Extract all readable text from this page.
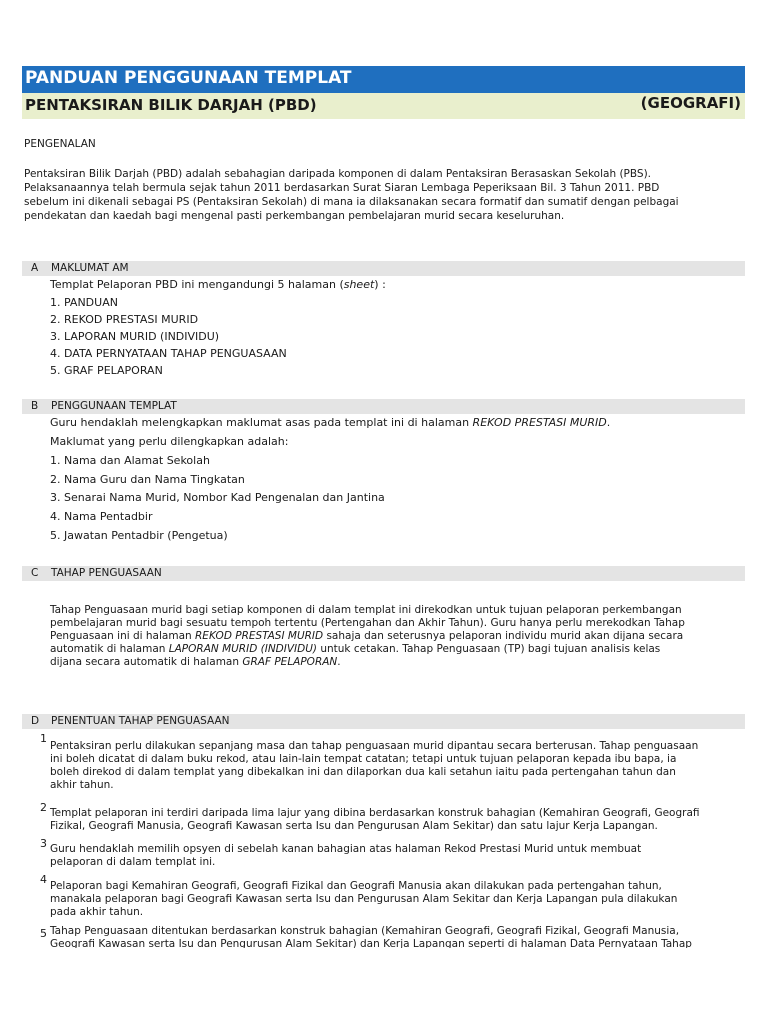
PANDUAN PENGGUNAAN TEMPLAT
PENTAKSIRAN BILIK DARJAH (PBD)	(GEOGRAFI)
PENGENALAN
Pentaksiran Bilik Darjah (PBD) adalah sebahagian daripada komponen di dalam Pentaksiran Berasaskan Sekolah (PBS).
Pelaksanaannya telah bermula sejak tahun 2011 berdasarkan Surat Siaran Lembaga Peperiksaan Bil. 3 Tahun 2011. PBD
sebelum ini dikenali sebagai PS (Pentaksiran Sekolah) di mana ia dilaksanakan secara formatif dan sumatif dengan pelbagai
pendekatan dan kaedah bagi mengenal pasti perkembangan pembelajaran murid secara keseluruhan.
A MAKLUMAT AM
Templat Pelaporan PBD ini mengandungi 5 halaman (sheet) :
1. PANDUAN
2. REKOD PRESTASI MURID
3. LAPORAN MURID (INDIVIDU)
4. DATA PERNYATAAN TAHAP PENGUASAAN
5. GRAF PELAPORAN
B PENGGUNAAN TEMPLAT
Guru hendaklah melengkapkan maklumat asas pada templat ini di halaman REKOD PRESTASI MURID.
Maklumat yang perlu dilengkapkan adalah:
1. Nama dan Alamat Sekolah
2. Nama Guru dan Nama Tingkatan
3. Senarai Nama Murid, Nombor Kad Pengenalan dan Jantina
4. Nama Pentadbir
5. Jawatan Pentadbir (Pengetua)
C TAHAP PENGUASAAN
Tahap Penguasaan murid bagi setiap komponen di dalam templat ini direkodkan untuk tujuan pelaporan perkembangan
pembelajaran murid bagi sesuatu tempoh tertentu (Pertengahan dan Akhir Tahun). Guru hanya perlu merekodkan Tahap
Penguasaan ini di halaman REKOD PRESTASI MURID sahaja dan seterusnya pelaporan individu murid akan dijana secara
automatik di halaman LAPORAN MURID (INDIVIDU) untuk cetakan. Tahap Penguasaan (TP) bagi tujuan analisis kelas
dijana secara automatik di halaman GRAF PELAPORAN.
D PENENTUAN TAHAP PENGUASAAN
1
Pentaksiran perlu dilakukan sepanjang masa dan tahap penguasaan murid dipantau secara berterusan. Tahap penguasaan
ini boleh dicatat di dalam buku rekod, atau lain-lain tempat catatan; tetapi untuk tujuan pelaporan kepada ibu bapa, ia
boleh direkod di dalam templat yang dibekalkan ini dan dilaporkan dua kali setahun iaitu pada pertengahan tahun dan
akhir tahun.
2 Templat pelaporan ini terdiri daripada lima lajur yang dibina berdasarkan konstruk bahagian (Kemahiran Geografi, Geografi
Fizikal, Geografi Manusia, Geografi Kawasan serta Isu dan Pengurusan Alam Sekitar) dan satu lajur Kerja Lapangan.
3 Guru hendaklah memilih opsyen di sebelah kanan bahagian atas halaman Rekod Prestasi Murid untuk membuat
pelaporan di dalam templat ini.
4 Pelaporan bagi Kemahiran Geografi, Geografi Fizikal dan Geografi Manusia akan dilakukan pada pertengahan tahun,
manakala pelaporan bagi Geografi Kawasan serta Isu dan Pengurusan Alam Sekitar dan Kerja Lapangan pula dilakukan
pada akhir tahun.
5 Tahap Penguasaan ditentukan berdasarkan konstruk bahagian (Kemahiran Geografi, Geografi Fizikal, Geografi Manusia,
Geografi Kawasan serta Isu dan Pengurusan Alam Sekitar) dan Kerja Lapangan seperti di halaman Data Pernyataan Tahap
